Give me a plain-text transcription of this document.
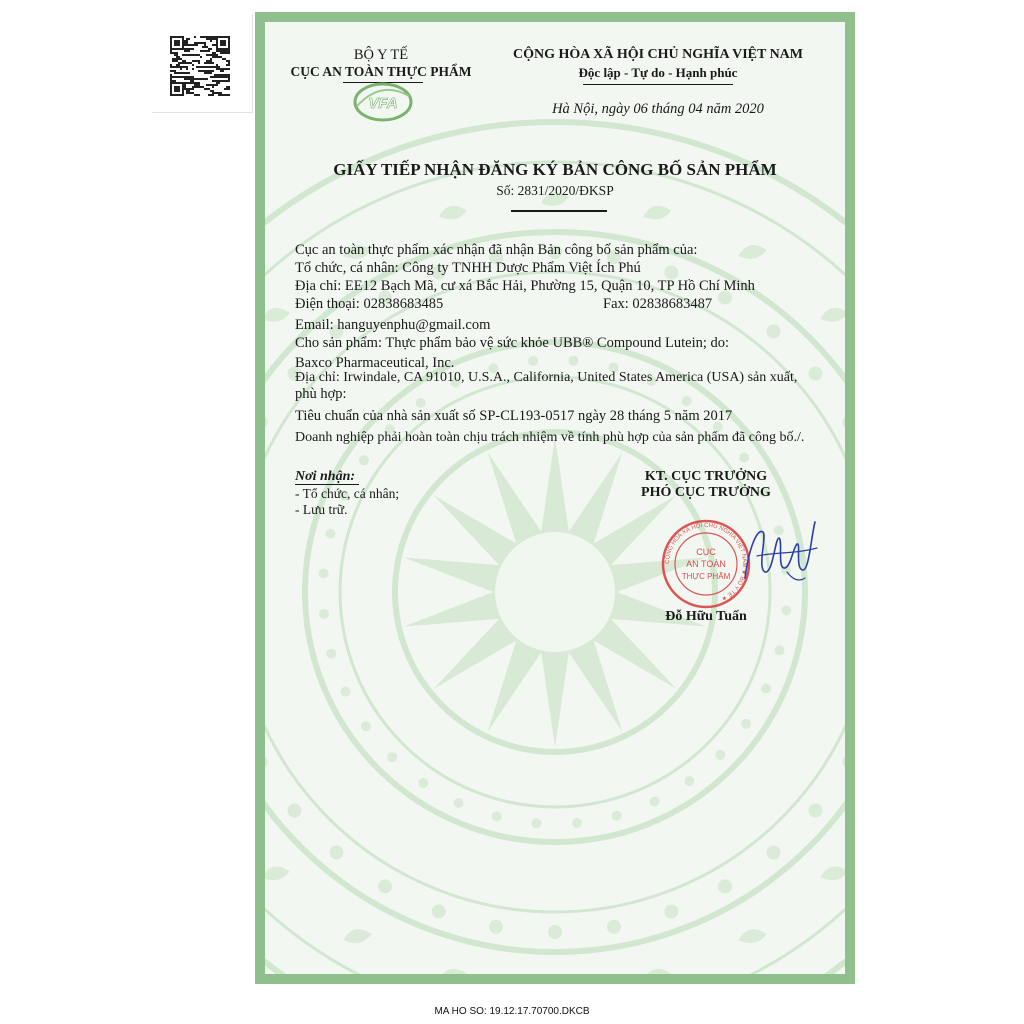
BỘ Y TẾ
CỤC AN TOÀN THỰC PHẨM
VFA
CỘNG HÒA XÃ HỘI CHỦ NGHĨA VIỆT NAM
Độc lập - Tự do - Hạnh phúc
Hà Nội, ngày 06 tháng 04 năm 2020
GIẤY TIẾP NHẬN ĐĂNG KÝ BẢN CÔNG BỐ SẢN PHẨM
Số: 2831/2020/ĐKSP
Cục an toàn thực phẩm xác nhận đã nhận Bản công bố sản phẩm của:
Tổ chức, cá nhân: Công ty TNHH Dược Phẩm Việt Ích Phú
Địa chỉ: EE12 Bạch Mã, cư xá Bắc Hải, Phường 15, Quận 10, TP Hồ Chí Minh
Điện thoại: 02838683485	Fax: 02838683487
Email: hanguyenphu@gmail.com
Cho sản phẩm: Thực phẩm bảo vệ sức khỏe UBB® Compound Lutein; do:
Baxco Pharmaceutical, Inc.
Địa chỉ: Irwindale, CA 91010, U.S.A., California, United States America (USA) sản xuất,
phù hợp:
Tiêu chuẩn của nhà sản xuất số SP-CL193-0517 ngày 28 tháng 5 năm 2017
Doanh nghiệp phải hoàn toàn chịu trách nhiệm về tính phù hợp của sản phẩm đã công bố./.
Nơi nhận:
- Tổ chức, cá nhân;
- Lưu trữ.
KT. CỤC TRƯỞNG
PHÓ CỤC TRƯỞNG
CỘNG HÒA XÃ HỘI CHỦ NGHĨA VIỆT NAM ★ BỘ Y TẾ ★
CỤC
AN TOÀN
THỰC PHẨM
Đỗ Hữu Tuấn
MA HO SO: 19.12.17.70700.DKCB
